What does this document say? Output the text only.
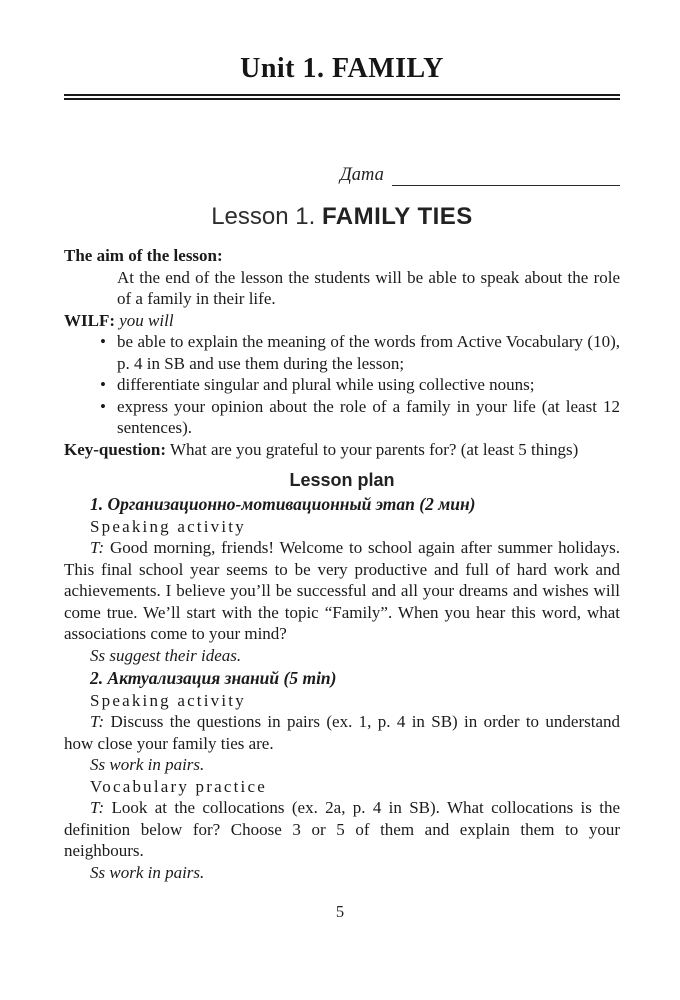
Unit 1. FAMILY
Дата
Lesson 1. FAMILY TIES
The aim of the lesson:
At the end of the lesson the students will be able to speak about the role of a family in their life.
WILF: you will
• be able to explain the meaning of the words from Active Vocabulary (10), p. 4 in SB and use them during the lesson;
• differentiate singular and plural while using collective nouns;
• express your opinion about the role of a family in your life (at least 12 sentences).
Key-question: What are you grateful to your parents for? (at least 5 things)
Lesson plan
1. Организационно-мотивационный этап (2 мин)
Speaking activity
T: Good morning, friends! Welcome to school again after summer holidays. This final school year seems to be very productive and full of hard work and achievements. I believe you’ll be successful and all your dreams and wishes will come true. We’ll start with the topic “Family”. When you hear this word, what associations come to your mind?
Ss suggest their ideas.
2. Актуализация знаний (5 min)
Speaking activity
T: Discuss the questions in pairs (ex. 1, p. 4 in SB) in order to understand how close your family ties are.
Ss work in pairs.
Vocabulary practice
T: Look at the collocations (ex. 2a, p. 4 in SB). What collocations is the definition below for? Choose 3 or 5 of them and explain them to your neighbours.
Ss work in pairs.
5
